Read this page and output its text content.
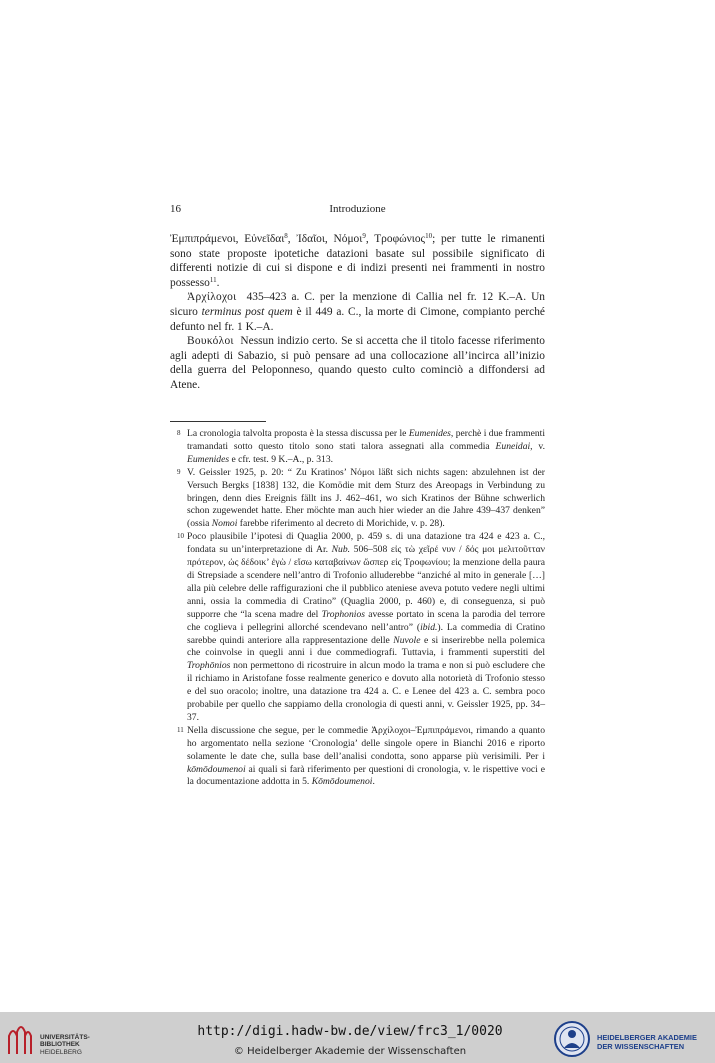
16	Introduzione

Ἐμπιπράμενοι, Εὐνεῖδαι$^8$, Ἰδαῖοι, Νόμοι$^9$, Τροφώνιος$^{10}$; per tutte le rimanenti sono state proposte ipotetiche datazioni basate sul possibile significato di differenti notizie di cui si dispone e di indizi presenti nei frammenti in nostro possesso$^{11}$.

Ἀρχίλοχοι 435–423 a. C. per la menzione di Callia nel fr. 12 K.–A. Un sicuro terminus post quem è il 449 a. C., la morte di Cimone, compianto perché defunto nel fr. 1 K.–A.

Βουκόλοι Nessun indizio certo. Se si accetta che il titolo facesse riferimento agli adepti di Sabazio, si può pensare ad una collocazione all’incirca all’inizio della guerra del Peloponneso, quando questo culto cominciò a diffondersi ad Atene.

8 La cronologia talvolta proposta è la stessa discussa per le Eumenides, perchè i due frammenti tramandati sotto questo titolo sono stati talora assegnati alla commedia Euneidai, v. Eumenides e cfr. test. 9 K.–A., p. 313.

9 V. Geissler 1925, p. 20: “ Zu Kratinos’ Νόμοι läßt sich nichts sagen: abzulehnen ist der Versuch Bergks [1838] 132, die Komödie mit dem Sturz des Areopags in Verbindung zu bringen, denn dies Ereignis fällt ins J. 462–461, wo sich Kratinos der Bühne schwerlich schon zugewendet hatte. Eher möchte man auch hier wieder an die Jahre 439–437 denken” (ossia Nomoi farebbe riferimento al decreto di Morichide, v. p. 28).

10 Poco plausibile l’ipotesi di Quaglia 2000, p. 459 s. di una datazione tra 424 e 423 a. C., fondata su un’interpretazione di Ar. Nub. 506–508 εἰς τὼ χεῖρέ νυν / δός μοι μελιτοῦτταν πρότερον, ὡς δέδοικ’ ἐγὼ / εἴσω καταβαίνων ὥσπερ εἰς Τροφωνίου; la menzione della paura di Strepsiade a scendere nell’antro di Trofonio alluderebbe “anziché al mito in generale […] alla più celebre delle raffigurazioni che il pubblico ateniese aveva potuto vedere negli ultimi anni, ossia la commedia di Cratino” (Quaglia 2000, p. 460) e, di conseguenza, si può supporre che “la scena madre del Trophonios avesse portato in scena la parodia del terrore che coglieva i pellegrini allorché scendevano nell’antro” (ibid.). La commedia di Cratino sarebbe quindi anteriore alla rappresentazione delle Nuvole e si inserirebbe nella polemica che coinvolse in quegli anni i due commediografi. Tuttavia, i frammenti superstiti del Trophōnios non permettono di ricostruire in alcun modo la trama e non si può escludere che il richiamo in Aristofane fosse realmente generico e dovuto alla notorietà di Trofonio stesso e del suo oracolo; inoltre, una datazione tra 424 a. C. e Lenee del 423 a. C. sembra poco probabile per quello che sappiamo della cronologia di questi anni, v. Geissler 1925, pp. 34–37.

11 Nella discussione che segue, per le commedie Ἀρχίλοχοι–Ἐμπιπράμενοι, rimando a quanto ho argomentato nella sezione ‘Cronologia’ delle singole opere in Bianchi 2016 e riporto solamente le date che, sulla base dell’analisi condotta, sono apparse più verisimili. Per i kōmōdoumenoi ai quali si farà riferimento per questioni di cronologia, v. le rispettive voci e la documentazione addotta in 5. Kōmōdoumenoi.

UNIVERSITÄTS-
BIBLIOTHEK
HEIDELBERG
http://digi.hadw-bw.de/view/frc3_1/0020
© Heidelberger Akademie der Wissenschaften
HEIDELBERGER AKADEMIE
DER WISSENSCHAFTEN
